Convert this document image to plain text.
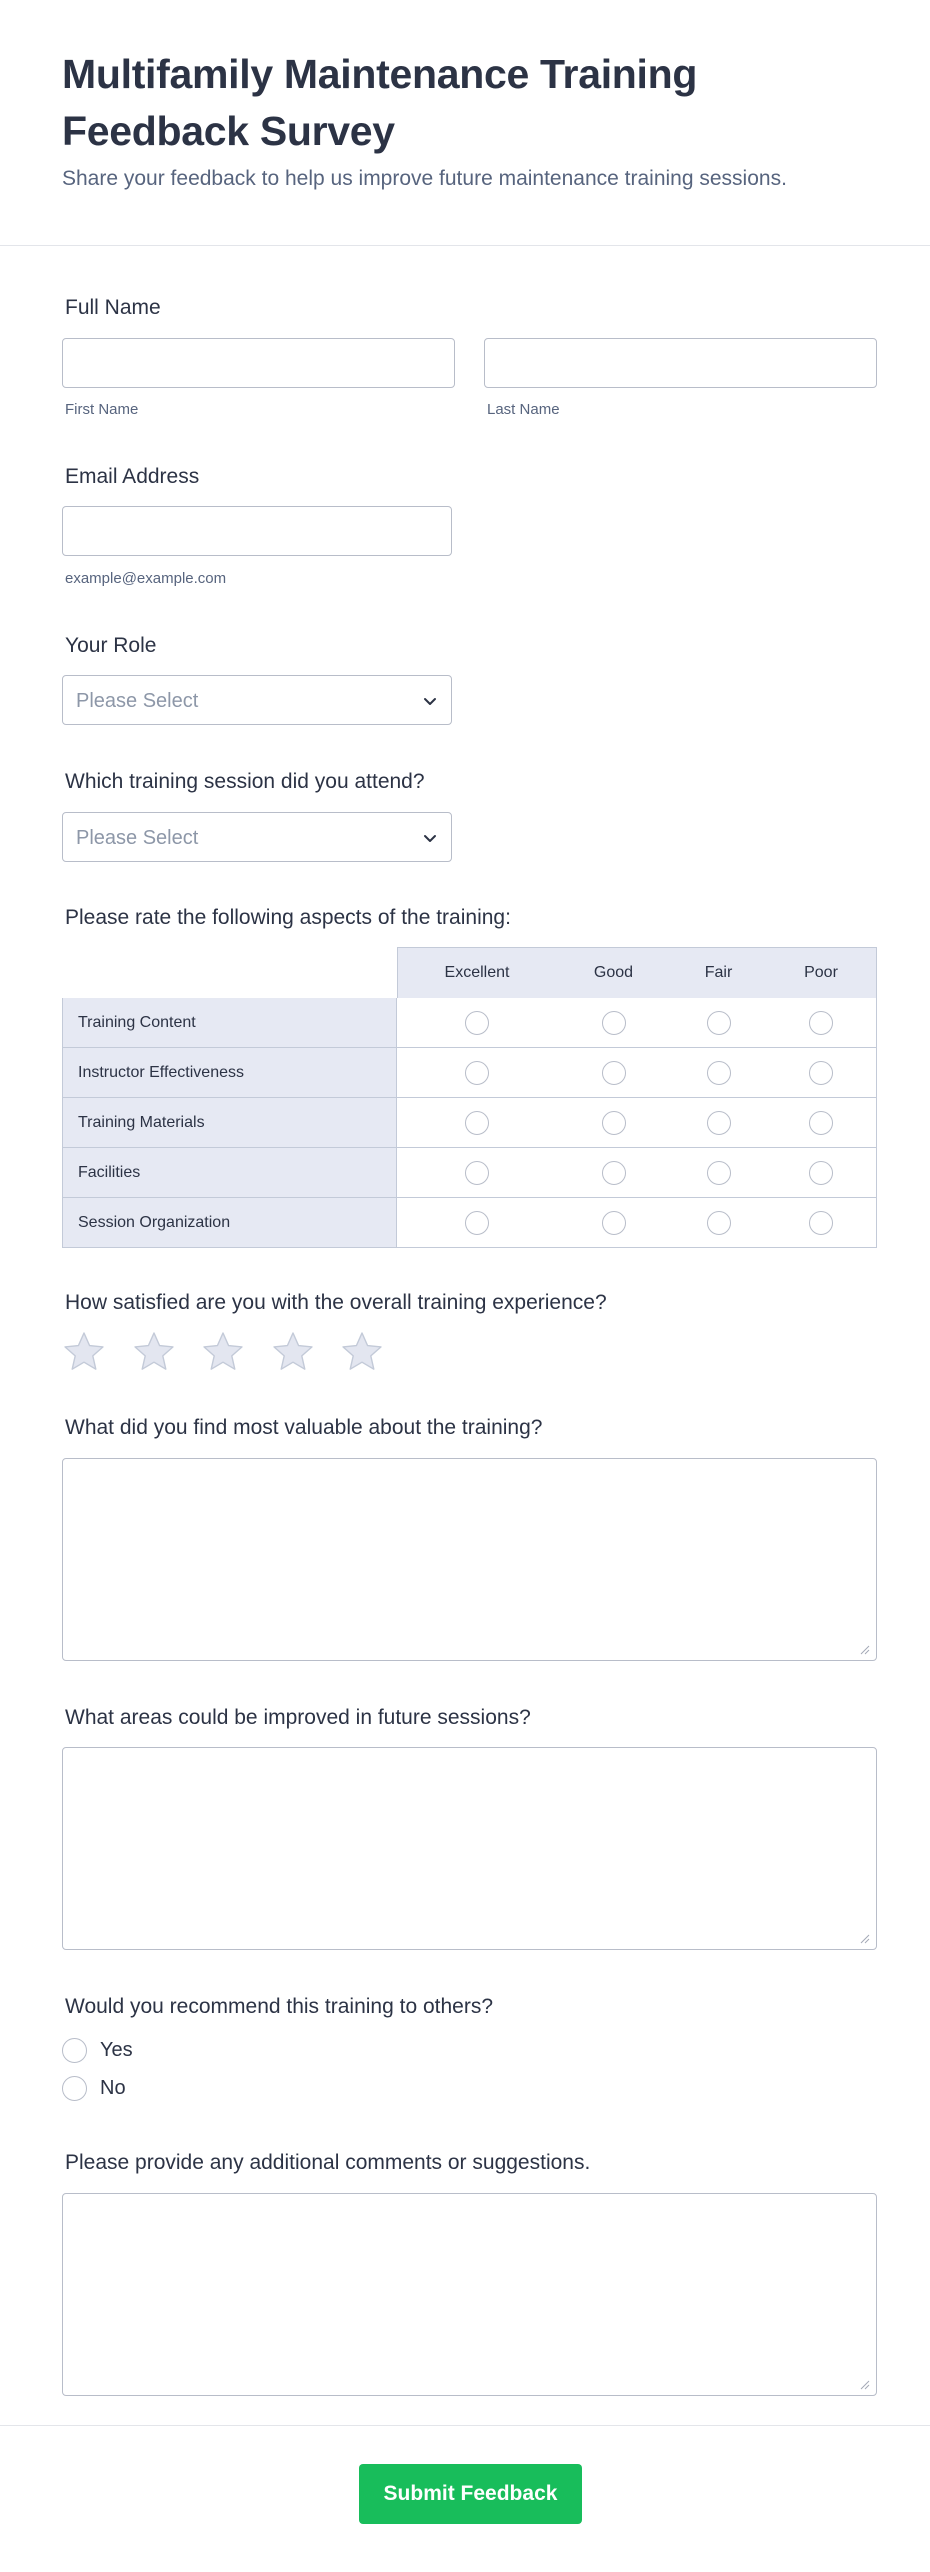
Multifamily Maintenance Training Feedback Survey

Share your feedback to help us improve future maintenance training sessions.

Full Name
First Name	Last Name
Email Address
example@example.com
Your Role
Please Select
Which training session did you attend?
Please Select
Please rate the following aspects of the training:
Excellent	Good	Fair	Poor
Training Content
Instructor Effectiveness
Training Materials
Facilities
Session Organization
How satisfied are you with the overall training experience?
What did you find most valuable about the training?
What areas could be improved in future sessions?
Would you recommend this training to others?
Yes
No
Please provide any additional comments or suggestions.
Submit Feedback
